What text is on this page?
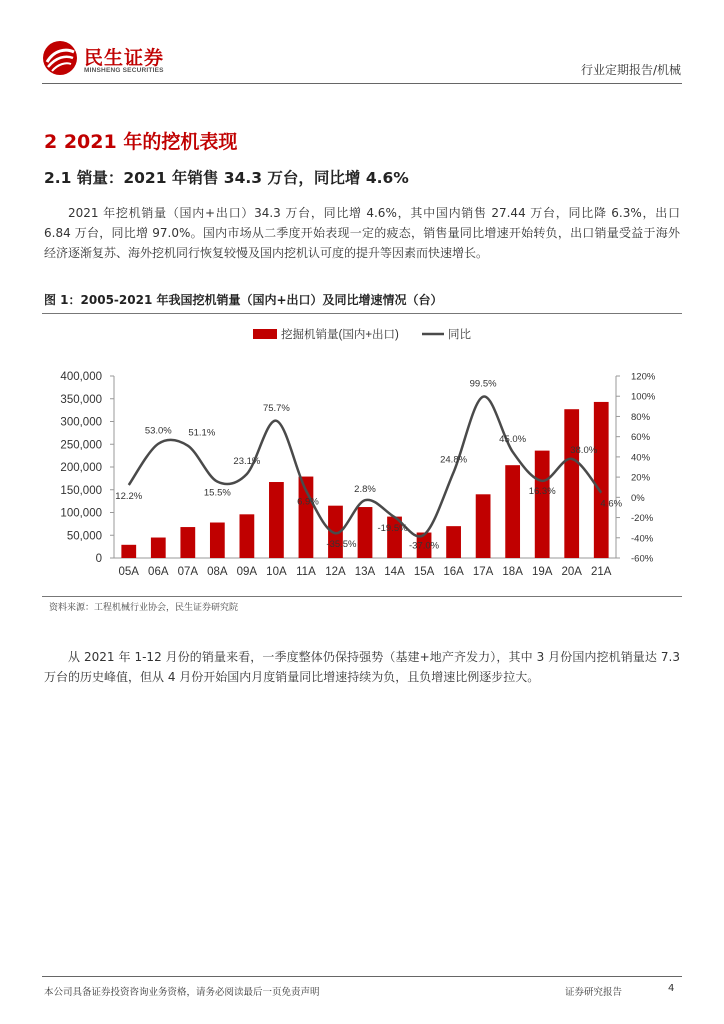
民生证券
MINSHENG SECURITIES	行业定期报告/机械
2 2021 年的挖机表现
2.1 销量：2021 年销售 34.3 万台，同比增 4.6%
2021 年挖机销量（国内+出口）34.3 万台，同比增 4.6%，其中国内销售 27.44 万台，同比降 6.3%，出口 6.84 万台，同比增 97.0%。国内市场从二季度开始表现一定的疲态，销售量同比增速开始转负，出口销量受益于海外经济逐渐复苏、海外挖机同行恢复较慢及国内挖机认可度的提升等因素而快速增长。
图 1：2005-2021 年我国挖机销量（国内+出口）及同比增速情况（台）
挖掘机销量(国内+出口)	同比
0
50,000
100,000
150,000
200,000
250,000
300,000
350,000
400,000
-60%
-40%
-20%
0%
20%
40%
60%
80%
100%
120%
05A 06A 07A 08A 09A 10A 11A 12A 13A 14A 15A 16A 17A 18A 19A 20A 21A
12.2%
53.0% 51.1%
15.5%
23.1%
75.7%
6.9%
-35.5%
2.8%
-19.5%
-37.0%
24.8%
99.5%
45.0%
16.3%
38.0%
4.6%
资料来源：工程机械行业协会，民生证券研究院
从 2021 年 1-12 月份的销量来看，一季度整体仍保持强势（基建+地产齐发力），其中 3 月份国内挖机销量达 7.3 万台的历史峰值，但从 4 月份开始国内月度销量同比增速持续为负，且负增速比例逐步拉大。
本公司具备证券投资咨询业务资格，请务必阅读最后一页免责声明	证券研究报告	4
